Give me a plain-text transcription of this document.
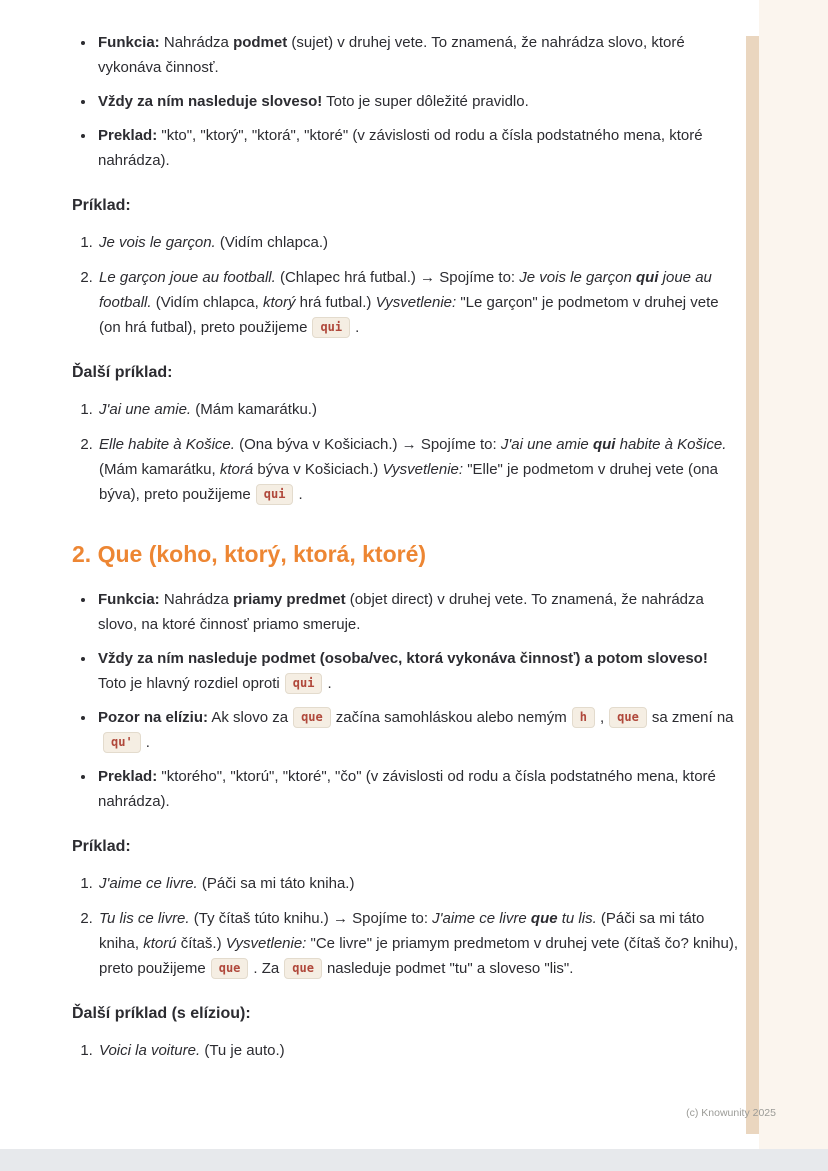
• Funkcia: Nahrádza podmet (sujet) v druhej vete. To znamená, že nahrádza slovo, ktoré vykonáva činnosť.
• Vždy za ním nasleduje sloveso! Toto je super dôležité pravidlo.
• Preklad: "kto", "ktorý", "ktorá", "ktoré" (v závislosti od rodu a čísla podstatného mena, ktoré nahrádza).
Príklad:
1. Je vois le garçon. (Vidím chlapca.)
2. Le garçon joue au football. (Chlapec hrá futbal.) → Spojíme to: Je vois le garçon qui joue au football. (Vidím chlapca, ktorý hrá futbal.) Vysvetlenie: "Le garçon" je podmetom v druhej vete (on hrá futbal), preto použijeme qui .
Ďalší príklad:
1. J'ai une amie. (Mám kamarátku.)
2. Elle habite à Košice. (Ona býva v Košiciach.) → Spojíme to: J'ai une amie qui habite à Košice. (Mám kamarátku, ktorá býva v Košiciach.) Vysvetlenie: "Elle" je podmetom v druhej vete (ona býva), preto použijeme qui .
2. Que (koho, ktorý, ktorá, ktoré)
• Funkcia: Nahrádza priamy predmet (objet direct) v druhej vete. To znamená, že nahrádza slovo, na ktoré činnosť priamo smeruje.
• Vždy za ním nasleduje podmet (osoba/vec, ktorá vykonáva činnosť) a potom sloveso! Toto je hlavný rozdiel oproti qui .
• Pozor na elíziu: Ak slovo za que začína samohláskou alebo nemým h , que sa zmení naqu' .
• Preklad: "ktorého", "ktorú", "ktoré", "čo" (v závislosti od rodu a čísla podstatného mena, ktoré nahrádza).
Príklad:
1. J'aime ce livre. (Páči sa mi táto kniha.)
2. Tu lis ce livre. (Ty čítaš túto knihu.) → Spojíme to: J'aime ce livre que tu lis. (Páči sa mi táto kniha, ktorú čítaš.) Vysvetlenie: "Ce livre" je priamym predmetom v druhej vete (čítaš čo? knihu), preto použijeme que . Za que nasleduje podmet "tu" a sloveso "lis".
Ďalší príklad (s elíziou):
1. Voici la voiture. (Tu je auto.)
(c) Knowunity 2025
